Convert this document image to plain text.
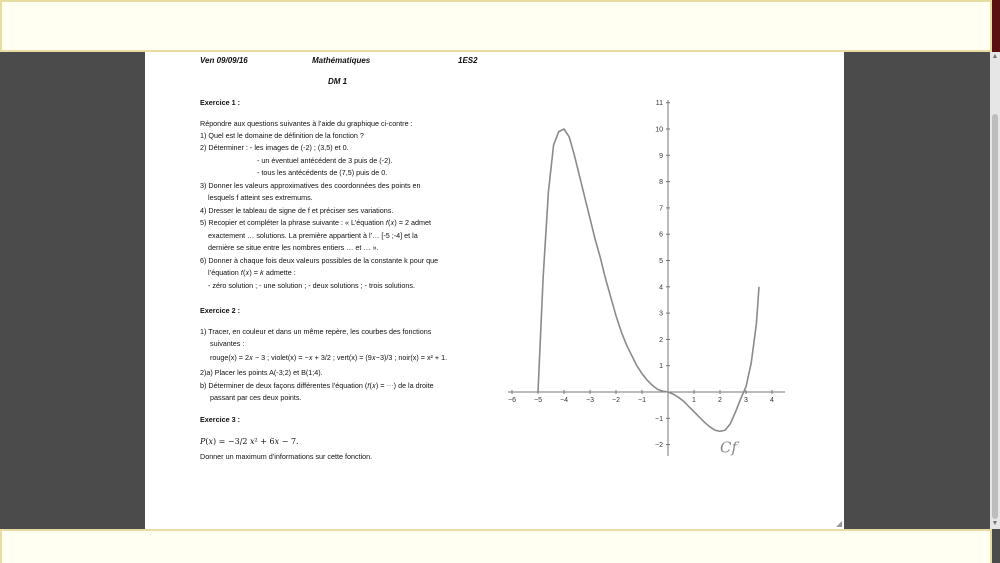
▲
▼
Ven 09/09/16	Mathématiques	1ES2
DM 1
Exercice 1 :
Répondre aux questions suivantes à l’aide du graphique ci-contre :
1) Quel est le domaine de définition de la fonction ?
2) Déterminer : - les images de (-2) ; (3,5) et 0.
- un éventuel antécédent de 3 puis de (-2).
- tous les antécédents de (7,5) puis de 0.
3) Donner les valeurs approximatives des coordonnées des points en
lesquels f atteint ses extremums.
4) Dresser le tableau de signe de f et préciser ses variations.
5) Recopier et compléter la phrase suivante : « L’équation 𝑓(𝑥) = 2 admet
exactement … solutions. La première appartient à l’… [-5 ;-4] et la
dernière se situe entre les nombres entiers … et … ».
6) Donner à chaque fois deux valeurs possibles de la constante k pour que
l’équation 𝑓(𝑥) = 𝑘 admette :
- zéro solution ; - une solution ; - deux solutions ; - trois solutions.
Exercice 2 :
1) Tracer, en couleur et dans un même repère, les courbes des fonctions
suivantes :
rouge(x) = 2𝑥 − 3 ; violet(x) = −𝑥 + 3/2 ; vert(x) = (9𝑥−3)/3 ; noir(x) = x² + 1.
2)a) Placer les points A(-3;2) et B(1;4).
b) Déterminer de deux façons différentes l’équation (𝑓(𝑥) = ⋯) de la droite
passant par ces deux points.
Exercice 3 :
𝑃(𝑥) = −3/2 𝑥² + 6𝑥 − 7.
Donner un maximum d’informations sur cette fonction.
−6	−5	−4	−3	−2	−1	1	2	3	4
−2
−1
1
2
3
4
5
6
7
8
9
10
11
Cf
◢
